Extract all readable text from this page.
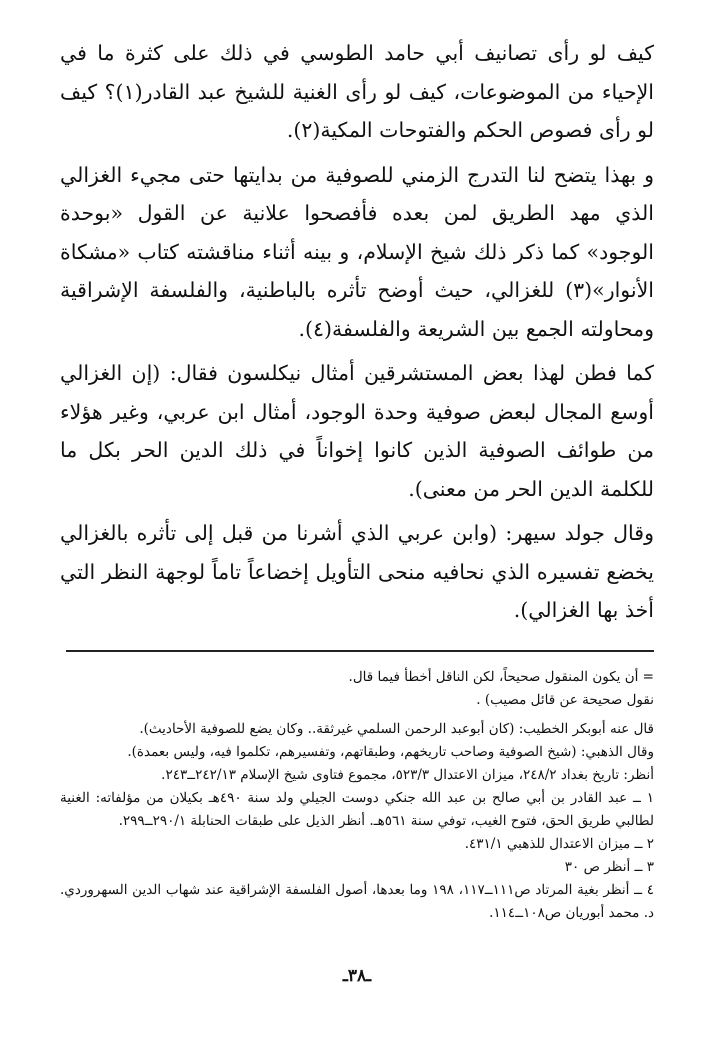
كيف لو رأى تصانيف أبي حامد الطوسي في ذلك على كثرة ما في الإحياء من الموضوعات، كيف لو رأى الغنية للشيخ عبد القادر(١)؟ كيف لو رأى فصوص الحكم والفتوحات المكية(٢).

و بهذا يتضح لنا التدرج الزمني للصوفية من بدايتها حتى مجيء الغزالي الذي مهد الطريق لمن بعده فأفصحوا علانية عن القول «بوحدة الوجود» كما ذكر ذلك شيخ الإسلام، و بينه أثناء مناقشته كتاب «مشكاة الأنوار»(٣) للغزالي، حيث أوضح تأثره بالباطنية، والفلسفة الإشراقية ومحاولته الجمع بين الشريعة والفلسفة(٤).

كما فطن لهذا بعض المستشرقين أمثال نيكلسون فقال: (إن الغزالي أوسع المجال لبعض صوفية وحدة الوجود، أمثال ابن عربي، وغير هؤلاء من طوائف الصوفية الذين كانوا إخواناً في ذلك الدين الحر بكل ما للكلمة الدين الحر من معنى).

وقال جولد سيهر: (وابن عربي الذي أشرنا من قبل إلى تأثره بالغزالي يخضع تفسيره الذي نحافيه منحى التأويل إخضاعاً تاماً لوجهة النظر التي أخذ بها الغزالي).

= أن يكون المنقول صحيحاً، لكن الناقل أخطأ فيما قال.

نقول صحيحة عن قائل مصيب) .

قال عنه أبوبكر الخطيب: (كان أبوعبد الرحمن السلمي غيرثقة.. وكان يضع للصوفية الأحاديث).

وقال الذهبي: (شيخ الصوفية وصاحب تاريخهم، وطبقاتهم، وتفسيرهم، تكلموا فيه، وليس بعمدة).

أنظر: تاريخ بغداد ٢٤٨/٢، ميزان الاعتدال ٥٢٣/٣، مجموع فتاوى شيخ الإسلام ٢٤٢/١٣ــ٢٤٣.

١ ــ عبد القادر بن أبي صالح بن عبد الله جنكي دوست الجيلي ولد سنة ٤٩٠هـ بكيلان من مؤلفاته: الغنية لطالبي طريق الحق، فتوح الغيب، توفي سنة ٥٦١هـ. أنظر الذيل على طبقات الحنابلة ٢٩٠/١ــ٢٩٩.

٢ ــ ميزان الاعتدال للذهبي ٤٣١/١.

٣ ــ أنظر ص ٣٠

٤ ــ أنظر بغية المرتاد ص١١١ــ١١٧، ١٩٨ وما بعدها، أصول الفلسفة الإشراقية عند شهاب الدين السهروردي. د. محمد أبوريان ص١٠٨ــ١١٤.

ـ٣٨ـ
